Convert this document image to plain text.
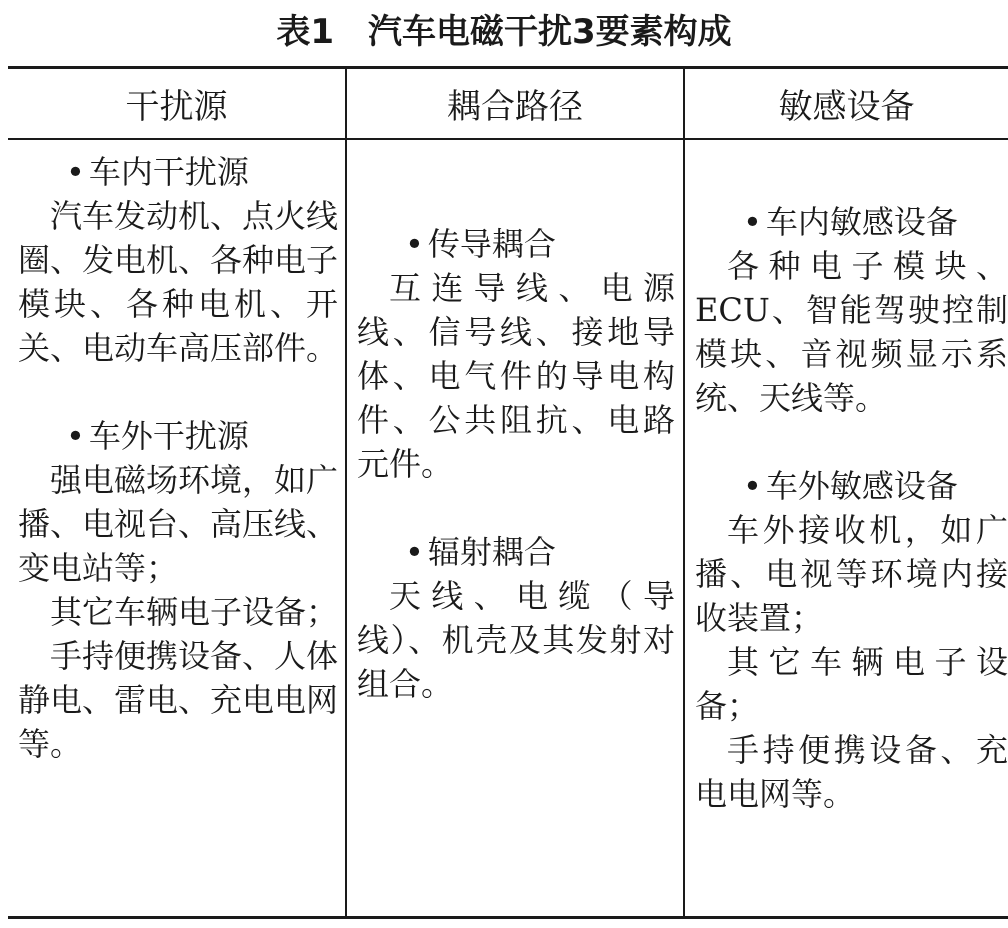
表1　汽车电磁干扰3要素构成
干扰源	耦合路径	敏感设备
• 车内干扰源

汽车发动机、点火线圈、发电机、各种电子模块、各种电机、开关、电动车高压部件。

• 车外干扰源

强电磁场环境，如广播、电视台、高压线、变电站等；

其它车辆电子设备；

手持便携设备、人体静电、雷电、充电电网等。

• 传导耦合

互连导线、电源线、信号线、接地导体、电气件的导电构件、公共阻抗、电路元件。

• 辐射耦合

天线、电缆（导线）、机壳及其发射对组合。

• 车内敏感设备

各种电子模块、ECU、智能驾驶控制模块、音视频显示系统、天线等。

• 车外敏感设备

车外接收机，如广播、电视等环境内接收装置；

其它车辆电子设备；

手持便携设备、充电电网等。
